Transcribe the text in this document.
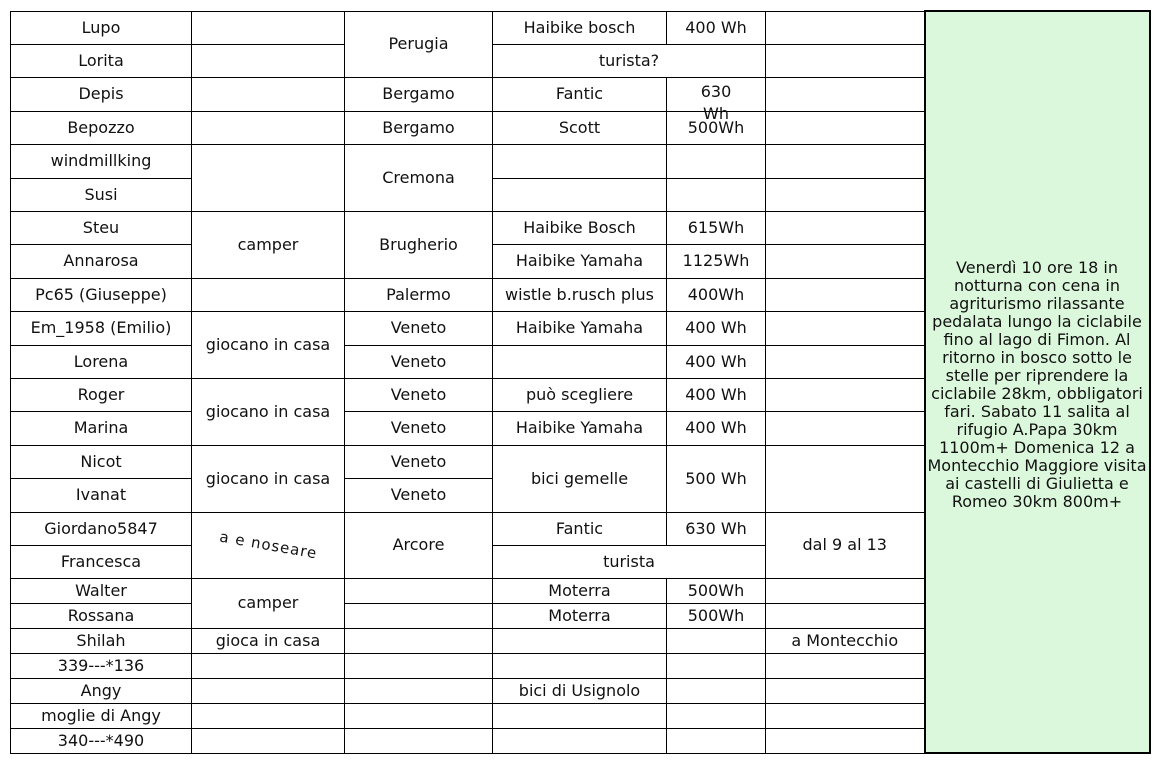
Lupo		Perugia	Haibike bosch	400 Wh		Venerdì 10 ore 18 in notturna con cena in agriturismo rilassante pedalata lungo la ciclabile fino al lago di Fimon. Al ritorno in bosco sotto le stelle per riprendere la ciclabile 28km, obbligatori fari. Sabato 11 salita al rifugio A.Papa 30km 1100m+ Domenica 12 a Montecchio Maggiore visita ai castelli di Giulietta e Romeo 30km 800m+

Lorita			turista?			
Depis		Bergamo	Fantic	630 Wh		

Bepozzo		Bergamo	Scott	500Wh		
windmillking		Cremona				
Susi						
Steu	camper	Brugherio	Haibike Bosch	615Wh		
Annarosa			Haibike Yamaha	1125Wh		
Pc65 (Giuseppe)		Palermo	wistle b.rusch plus	400Wh		
Em_1958 (Emilio)	giocano in casa	Veneto	Haibike Yamaha	400 Wh		
Lorena		Veneto		400 Wh		
Roger	giocano in casa	Veneto	può scegliere	400 Wh		
Marina		Veneto	Haibike Yamaha	400 Wh		
Nicot	giocano in casa	Veneto	bici gemelle	500 Wh		
Ivanat		Veneto				
Giordano5847	a e noseare	Arcore	Fantic	630 Wh	dal 9 al 13	
Francesca			turista			
Walter	camper		Moterra	500Wh		
Rossana			Moterra	500Wh		
Shilah	gioca in casa				a Montecchio	
339---*136						
Angy			bici di Usignolo			
moglie di Angy						
340---*490						
